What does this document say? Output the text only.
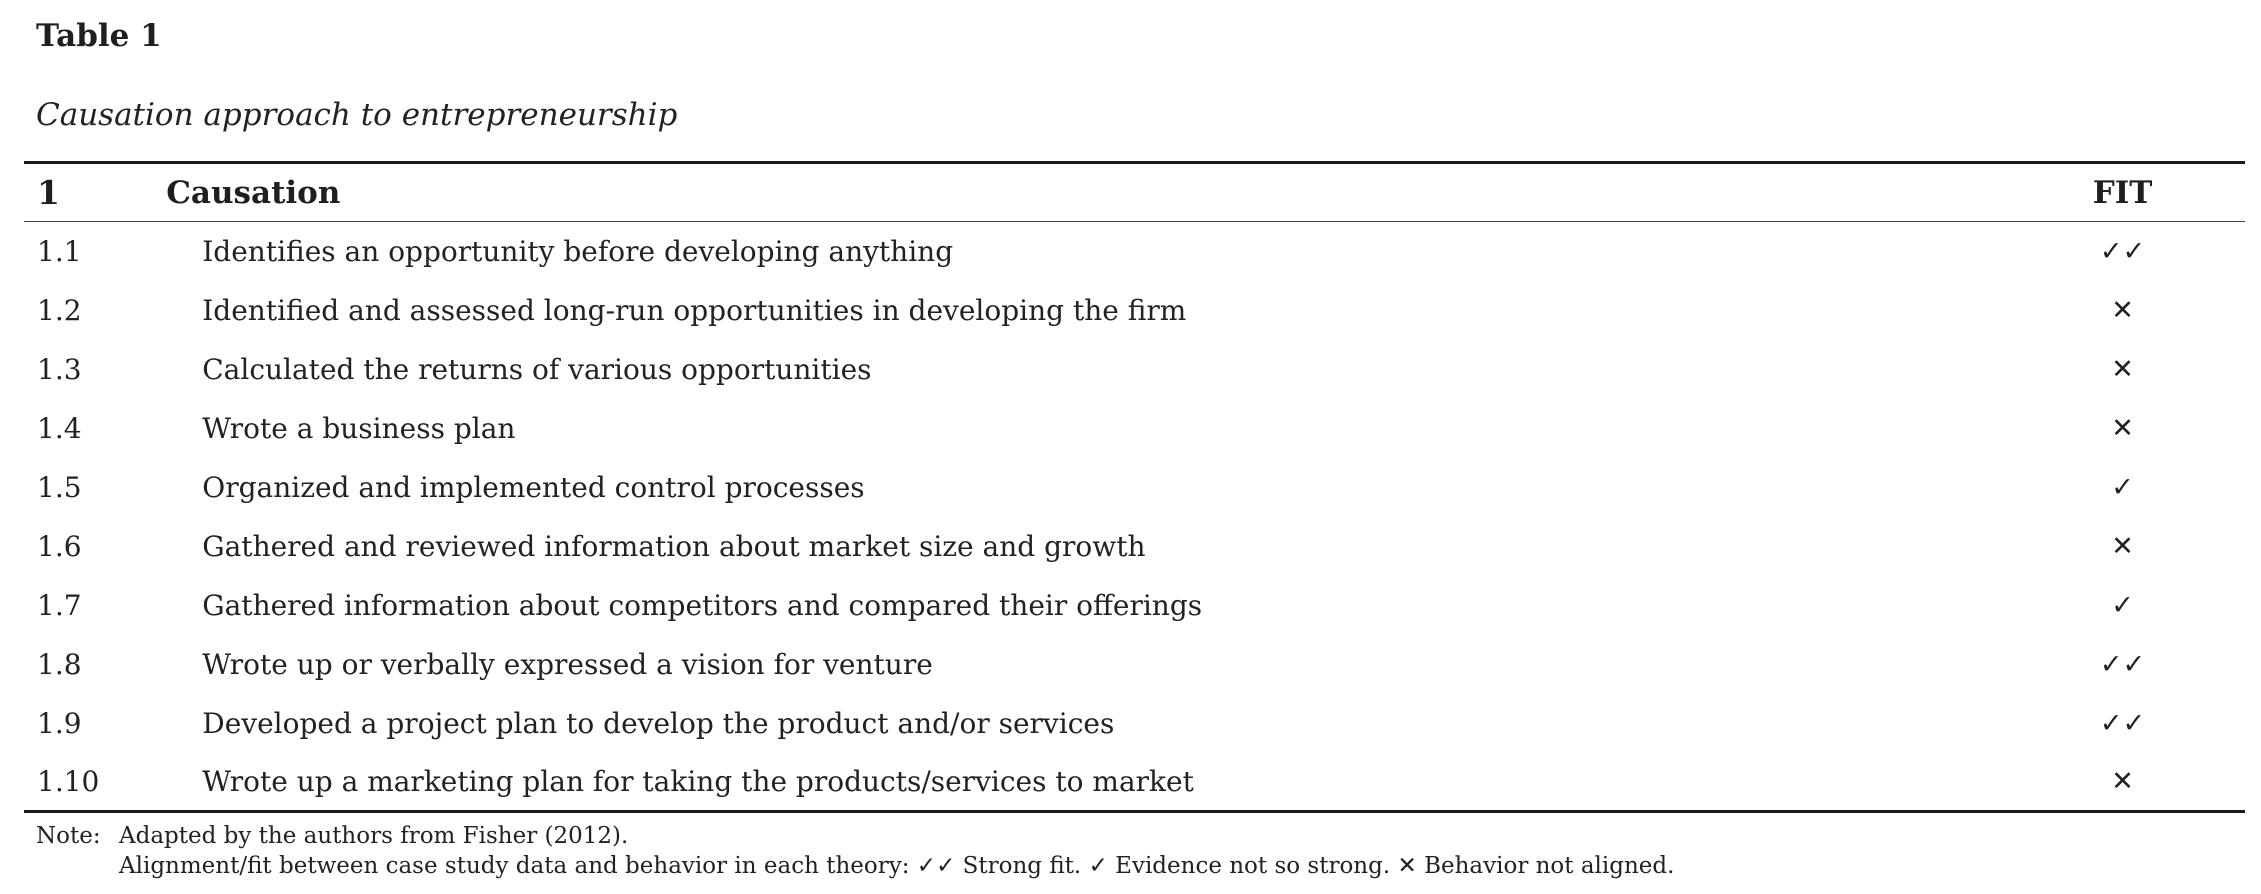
Table 1
Causation approach to entrepreneurship
1	Causation	FIT
1.1	Identifies an opportunity before developing anything	✓✓
1.2	Identified and assessed long-run opportunities in developing the firm	✕
1.3	Calculated the returns of various opportunities	✕
1.4	Wrote a business plan	✕
1.5	Organized and implemented control processes	✓
1.6	Gathered and reviewed information about market size and growth	✕
1.7	Gathered information about competitors and compared their offerings	✓
1.8	Wrote up or verbally expressed a vision for venture	✓✓
1.9	Developed a project plan to develop the product and/or services	✓✓
1.10	Wrote up a marketing plan for taking the products/services to market	✕
Note: Adapted by the authors from Fisher (2012).
Alignment/fit between case study data and behavior in each theory: ✓✓ Strong fit. ✓ Evidence not so strong. ✕ Behavior not aligned.
